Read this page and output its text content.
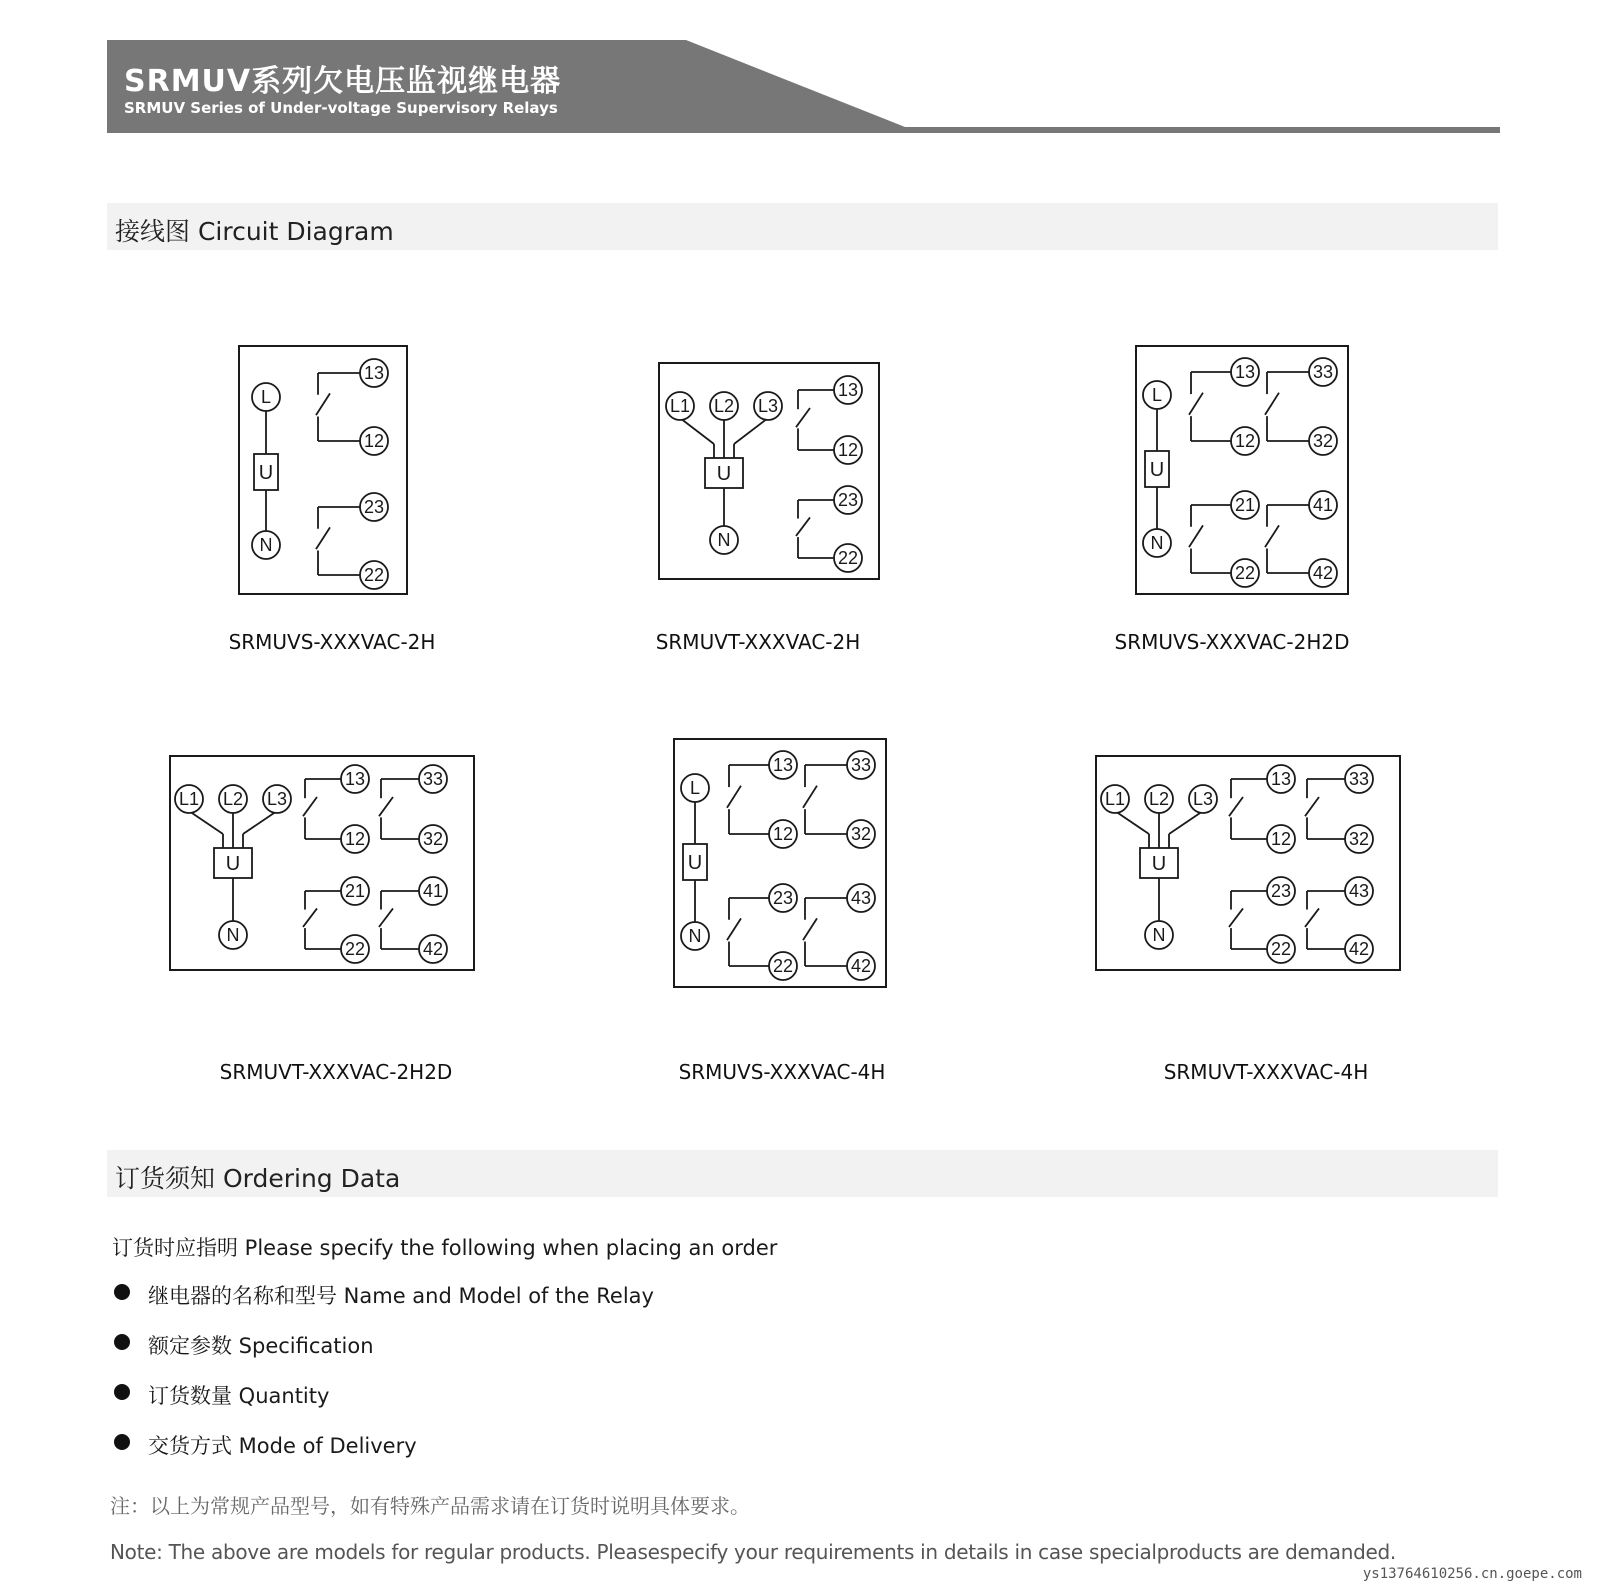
SRMUV系列欠电压监视继电器
SRMUV Series of Under-voltage Supervisory Relays
接线图 Circuit Diagram
L
U
N
13
12
23
22
L1 L2 L3
U
N
13
12
23
22
L
U
N
13
12
33
32
21
22
41
42
L1 L2 L3
U
N
13
12
33
32
21
22
41
42
L
U
N
13
12
33
32
23
22
43
42
L1 L2 L3
U
N
13
12
33
32
23
22
43
42
SRMUVS-XXXVAC-2H	SRMUVT-XXXVAC-2H	SRMUVS-XXXVAC-2H2D
SRMUVT-XXXVAC-2H2D	SRMUVS-XXXVAC-4H	SRMUVT-XXXVAC-4H
订货须知 Ordering Data
订货时应指明 Please specify the following when placing an order
继电器的名称和型号 Name and Model of the Relay
额定参数 Specification
订货数量 Quantity
交货方式 Mode of Delivery
注：以上为常规产品型号，如有特殊产品需求请在订货时说明具体要求。
Note: The above are models for regular products. Pleasespecify your requirements in details in case specialproducts are demanded.
ys13764610256.cn.goepe.com
